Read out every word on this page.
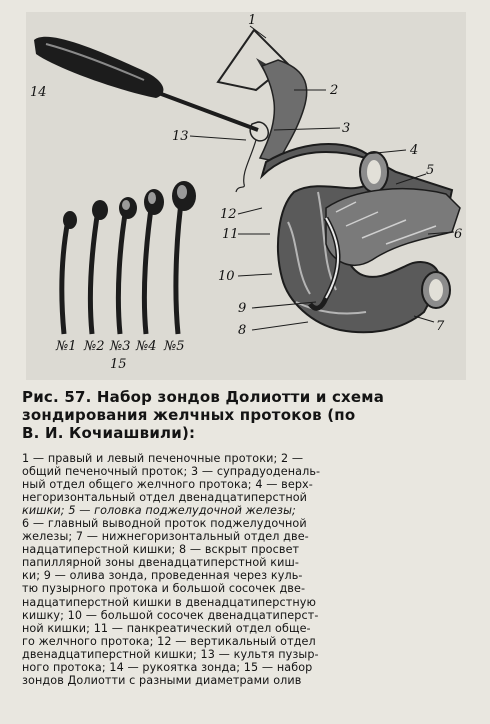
1
2
3
4
5
6
7
8
9
10
11
12
13
14
№1 №2 №3 №4 №5
15
Рис. 57. Набор зондов Долиотти и схема
зондирования желчных протоков (по
В. И. Кочиашвили):
1 — правый и левый печеночные протоки; 2 —
общий печеночный проток; 3 — супрадуоденаль-
ный отдел общего желчного протока; 4 — верх-
негоризонтальный отдел двенадцатиперстной
кишки; 5 — головка поджелудочной железы;
6 — главный выводной проток поджелудочной
железы; 7 — нижнегоризонтальный отдел две-
надцатиперстной кишки; 8 — вскрыт просвет
папиллярной зоны двенадцатиперстной киш-
ки; 9 — олива зонда, проведенная через куль-
тю пузырного протока и большой сосочек две-
надцатиперстной кишки в двенадцатиперстную
кишку; 10 — большой сосочек двенадцатиперст-
ной кишки; 11 — панкреатический отдел обще-
го желчного протока; 12 — вертикальный отдел
двенадцатиперстной кишки; 13 — культя пузыр-
ного протока; 14 — рукоятка зонда; 15 — набор
зондов Долиотти с разными диаметрами олив
